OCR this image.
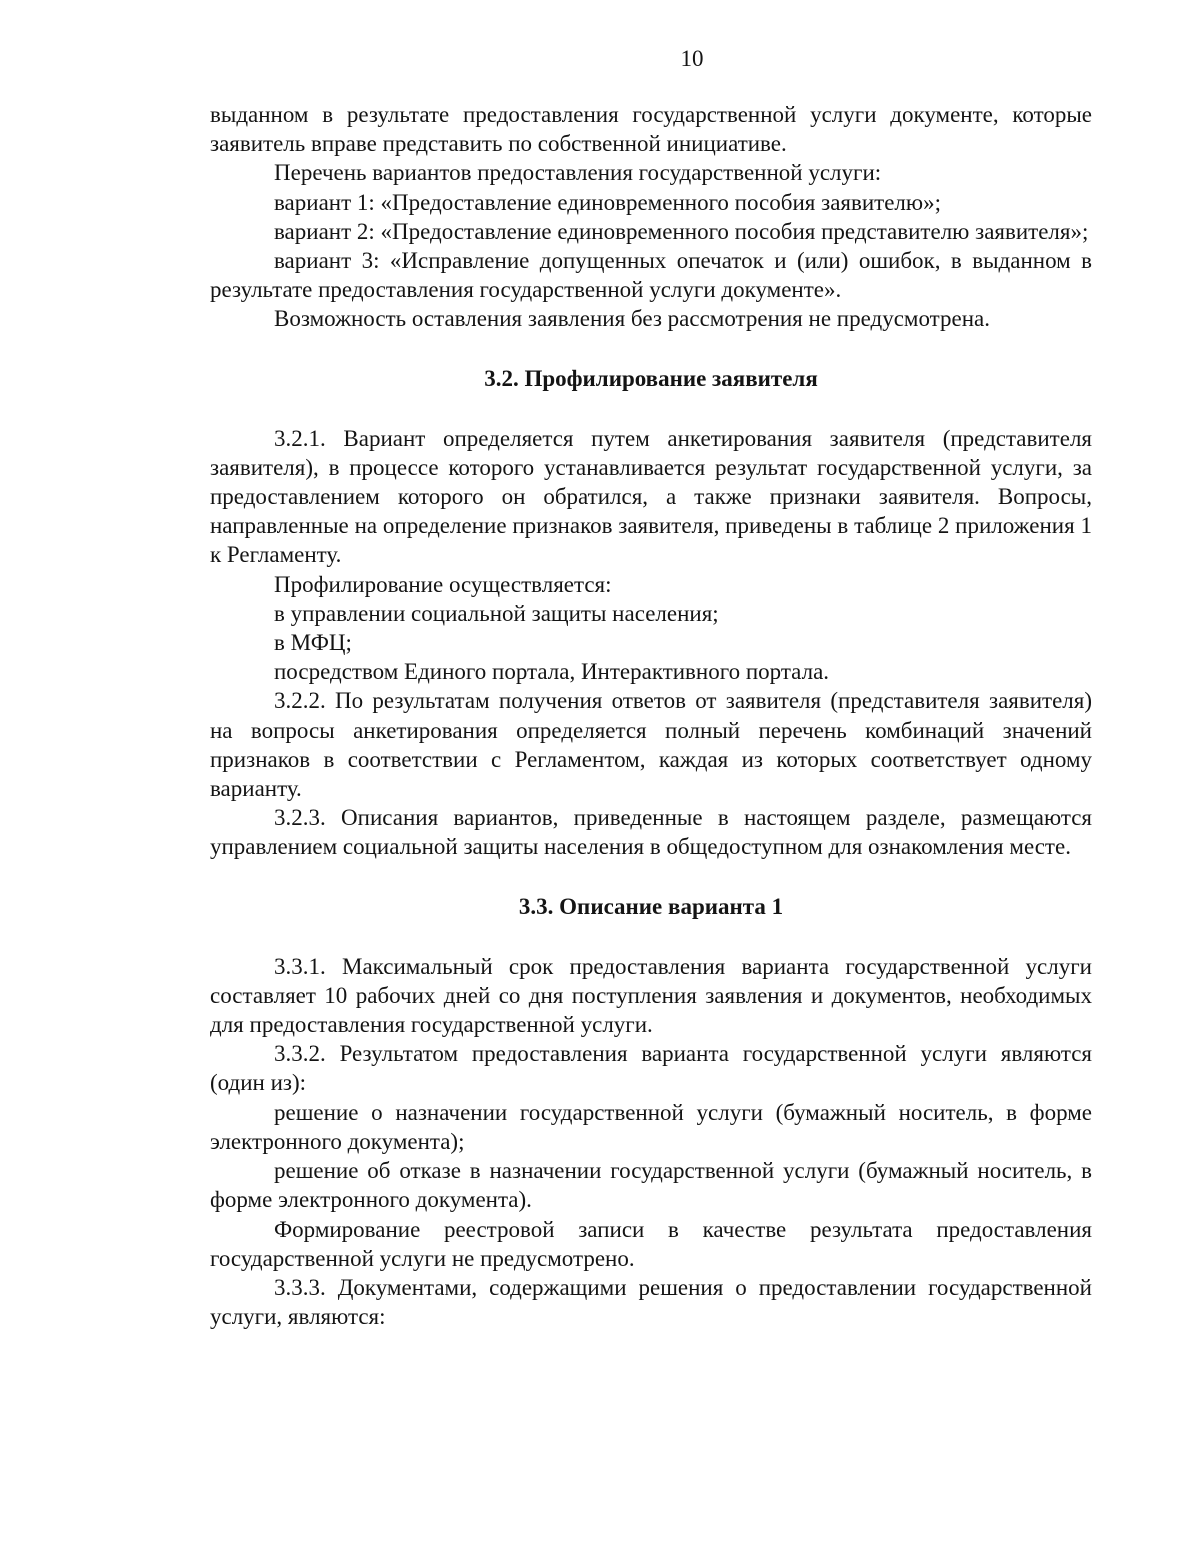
10

выданном в результате предоставления государственной услуги документе, которые заявитель вправе представить по собственной инициативе.

Перечень вариантов предоставления государственной услуги:

вариант 1: «Предоставление единовременного пособия заявителю»;

вариант 2: «Предоставление единовременного пособия представителю заявителя»;

вариант 3: «Исправление допущенных опечаток и (или) ошибок, в выданном в результате предоставления государственной услуги документе».

Возможность оставления заявления без рассмотрения не предусмотрена.

3.2. Профилирование заявителя

3.2.1. Вариант определяется путем анкетирования заявителя (представителя заявителя), в процессе которого устанавливается результат государственной услуги, за предоставлением которого он обратился, а также признаки заявителя. Вопросы, направленные на определение признаков заявителя, приведены в таблице 2 приложения 1 к Регламенту.

Профилирование осуществляется:

в управлении социальной защиты населения;

в МФЦ;

посредством Единого портала, Интерактивного портала.

3.2.2. По результатам получения ответов от заявителя (представителя заявителя) на вопросы анкетирования определяется полный перечень комбинаций значений признаков в соответствии с Регламентом, каждая из которых соответствует одному варианту.

3.2.3. Описания вариантов, приведенные в настоящем разделе, размещаются управлением социальной защиты населения в общедоступном для ознакомления месте.

3.3. Описание варианта 1

3.3.1. Максимальный срок предоставления варианта государственной услуги составляет 10 рабочих дней со дня поступления заявления и документов, необходимых для предоставления государственной услуги.

3.3.2. Результатом предоставления варианта государственной услуги являются (один из):

решение о назначении государственной услуги (бумажный носитель, в форме электронного документа);

решение об отказе в назначении государственной услуги (бумажный носитель, в форме электронного документа).

Формирование реестровой записи в качестве результата предоставления государственной услуги не предусмотрено.

3.3.3. Документами, содержащими решения о предоставлении государственной услуги, являются:
